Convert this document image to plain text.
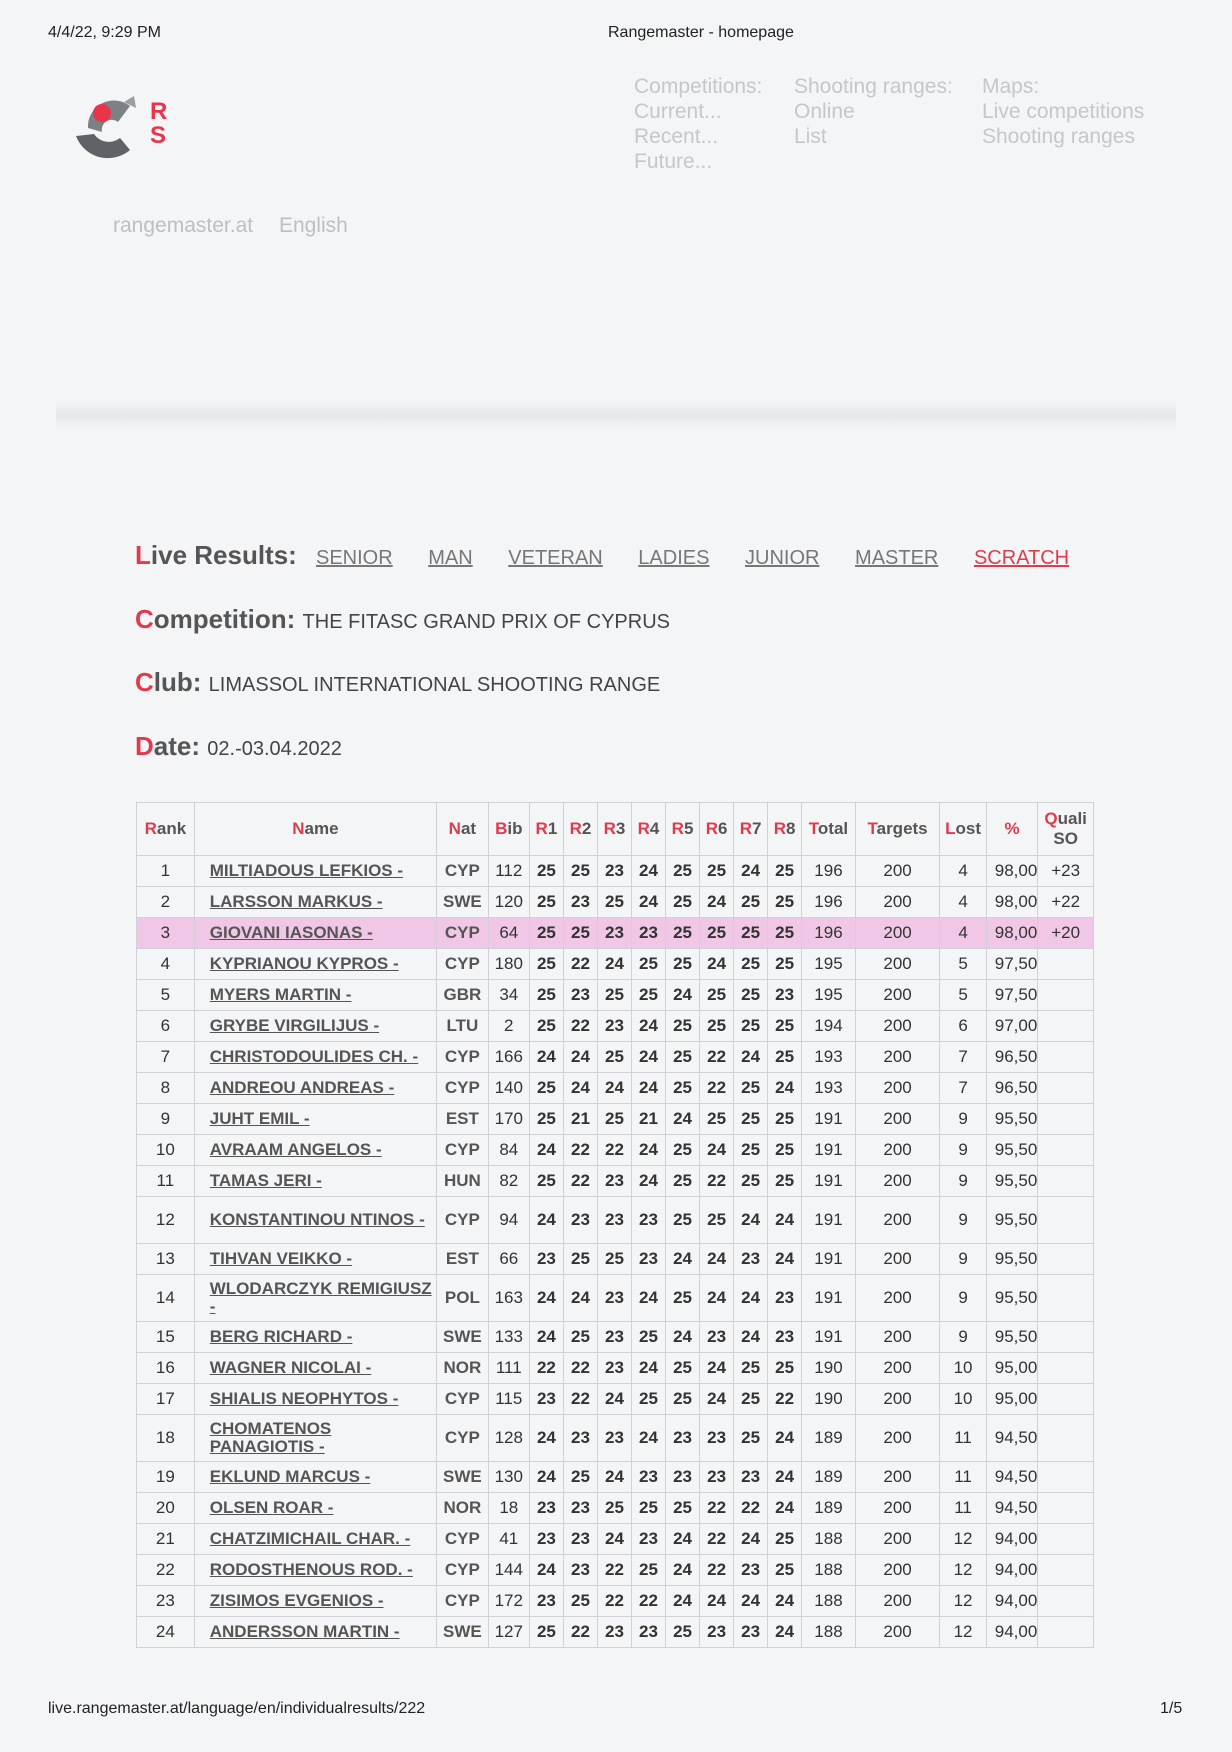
4/4/22, 9:29 PM	Rangemaster - homepage
live.rangemaster.at/language/en/individualresults/222	1/5
R
S
Competitions:
Current...
Recent...
Future...
Shooting ranges:
Online
List
Maps:
Live competitions
Shooting ranges
rangemaster.at English
Live Results: SENIOR MAN VETERAN LADIES JUNIOR MASTER SCRATCH
Competition: THE FITASC GRAND PRIX OF CYPRUS
Club: LIMASSOL INTERNATIONAL SHOOTING RANGE
Date: 02.-03.04.2022
Rank	Name	Nat	Bib	R1	R2	R3	R4	R5	R6	R7	R8	Total	Targets	Lost	%	Quali SO
1	MILTIADOUS LEFKIOS -	CYP	112	25	25	23	24	25	25	24	25	196	200	4	98,00	+23
2	LARSSON MARKUS -	SWE	120	25	23	25	24	25	24	25	25	196	200	4	98,00	+22
3	GIOVANI IASONAS -	CYP	64	25	25	23	23	25	25	25	25	196	200	4	98,00	+20
4	KYPRIANOU KYPROS -	CYP	180	25	22	24	25	25	24	25	25	195	200	5	97,50	
5	MYERS MARTIN -	GBR	34	25	23	25	25	24	25	25	23	195	200	5	97,50	
6	GRYBE VIRGILIJUS -	LTU	2	25	22	23	24	25	25	25	25	194	200	6	97,00	
7	CHRISTODOULIDES CH. -	CYP	166	24	24	25	24	25	22	24	25	193	200	7	96,50	
8	ANDREOU ANDREAS -	CYP	140	25	24	24	24	25	22	25	24	193	200	7	96,50	
9	JUHT EMIL -	EST	170	25	21	25	21	24	25	25	25	191	200	9	95,50	
10	AVRAAM ANGELOS -	CYP	84	24	22	22	24	25	24	25	25	191	200	9	95,50	
11	TAMAS JERI -	HUN	82	25	22	23	24	25	22	25	25	191	200	9	95,50	
12	KONSTANTINOU NTINOS -	CYP	94	24	23	23	23	25	25	24	24	191	200	9	95,50	
13	TIHVAN VEIKKO -	EST	66	23	25	25	23	24	24	23	24	191	200	9	95,50	
14	WLODARCZYK REMIGIUSZ -	POL	163	24	24	23	24	25	24	24	23	191	200	9	95,50	
15	BERG RICHARD -	SWE	133	24	25	23	25	24	23	24	23	191	200	9	95,50	
16	WAGNER NICOLAI -	NOR	111	22	22	23	24	25	24	25	25	190	200	10	95,00	
17	SHIALIS NEOPHYTOS -	CYP	115	23	22	24	25	25	24	25	22	190	200	10	95,00	
18	CHOMATENOS PANAGIOTIS -	CYP	128	24	23	23	24	23	23	25	24	189	200	11	94,50	
19	EKLUND MARCUS -	SWE	130	24	25	24	23	23	23	23	24	189	200	11	94,50	
20	OLSEN ROAR -	NOR	18	23	23	25	25	25	22	22	24	189	200	11	94,50	
21	CHATZIMICHAIL CHAR. -	CYP	41	23	23	24	23	24	22	24	25	188	200	12	94,00	
22	RODOSTHENOUS ROD. -	CYP	144	24	23	22	25	24	22	23	25	188	200	12	94,00	
23	ZISIMOS EVGENIOS -	CYP	172	23	25	22	22	24	24	24	24	188	200	12	94,00	
24	ANDERSSON MARTIN -	SWE	127	25	22	23	23	25	23	23	24	188	200	12	94,00	
